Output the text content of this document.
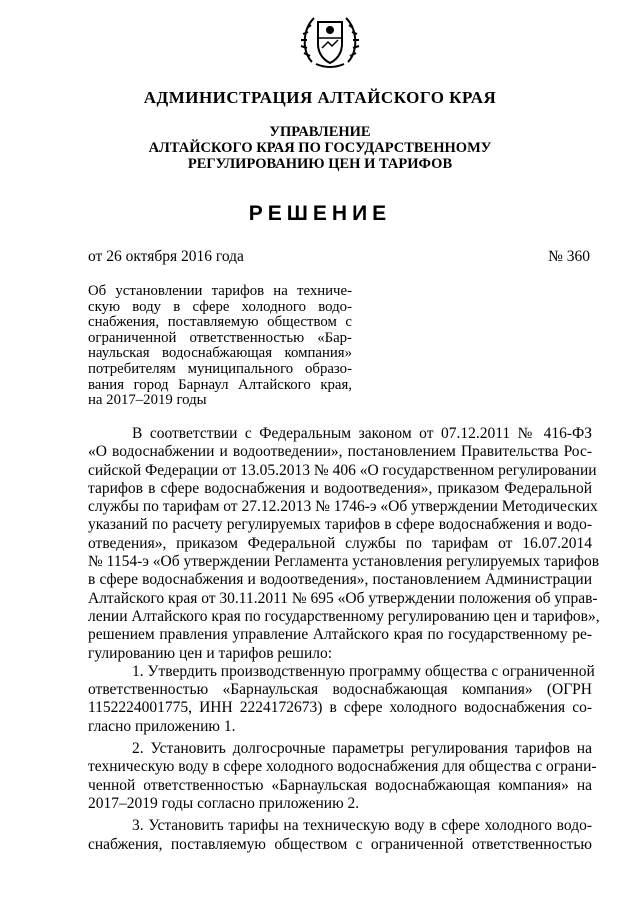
АДМИНИСТРАЦИЯ АЛТАЙСКОГО КРАЯ
УПРАВЛЕНИЕ
АЛТАЙСКОГО КРАЯ ПО ГОСУДАРСТВЕННОМУ
РЕГУЛИРОВАНИЮ ЦЕН И ТАРИФОВ
РЕШЕНИЕ
от 26 октября 2016 года	№ 360
Об установлении тарифов на техниче-
скую воду в сфере холодного водо-
снабжения, поставляемую обществом с
ограниченной ответственностью «Бар-
наульская водоснабжающая компания»
потребителям муниципального образо-
вания город Барнаул Алтайского края,
на 2017–2019 годы
В соответствии с Федеральным законом от 07.12.2011 № 416-ФЗ
«О водоснабжении и водоотведении», постановлением Правительства Рос-
сийской Федерации от 13.05.2013 № 406 «О государственном регулировании
тарифов в сфере водоснабжения и водоотведения», приказом Федеральной
службы по тарифам от 27.12.2013 № 1746-э «Об утверждении Методических
указаний по расчету регулируемых тарифов в сфере водоснабжения и водо-
отведения», приказом Федеральной службы по тарифам от 16.07.2014
№ 1154-э «Об утверждении Регламента установления регулируемых тарифов
в сфере водоснабжения и водоотведения», постановлением Администрации
Алтайского края от 30.11.2011 № 695 «Об утверждении положения об управ-
лении Алтайского края по государственному регулированию цен и тарифов»,
решением правления управление Алтайского края по государственному ре-
гулированию цен и тарифов решило:
1. Утвердить производственную программу общества с ограниченной
ответственностью «Барнаульская водоснабжающая компания» (ОГРН
1152224001775, ИНН 2224172673) в сфере холодного водоснабжения со-
гласно приложению 1.
2. Установить долгосрочные параметры регулирования тарифов на
техническую воду в сфере холодного водоснабжения для общества с ограни-
ченной ответственностью «Барнаульская водоснабжающая компания» на
2017–2019 годы согласно приложению 2.
3. Установить тарифы на техническую воду в сфере холодного водо-
снабжения, поставляемую обществом с ограниченной ответственностью
